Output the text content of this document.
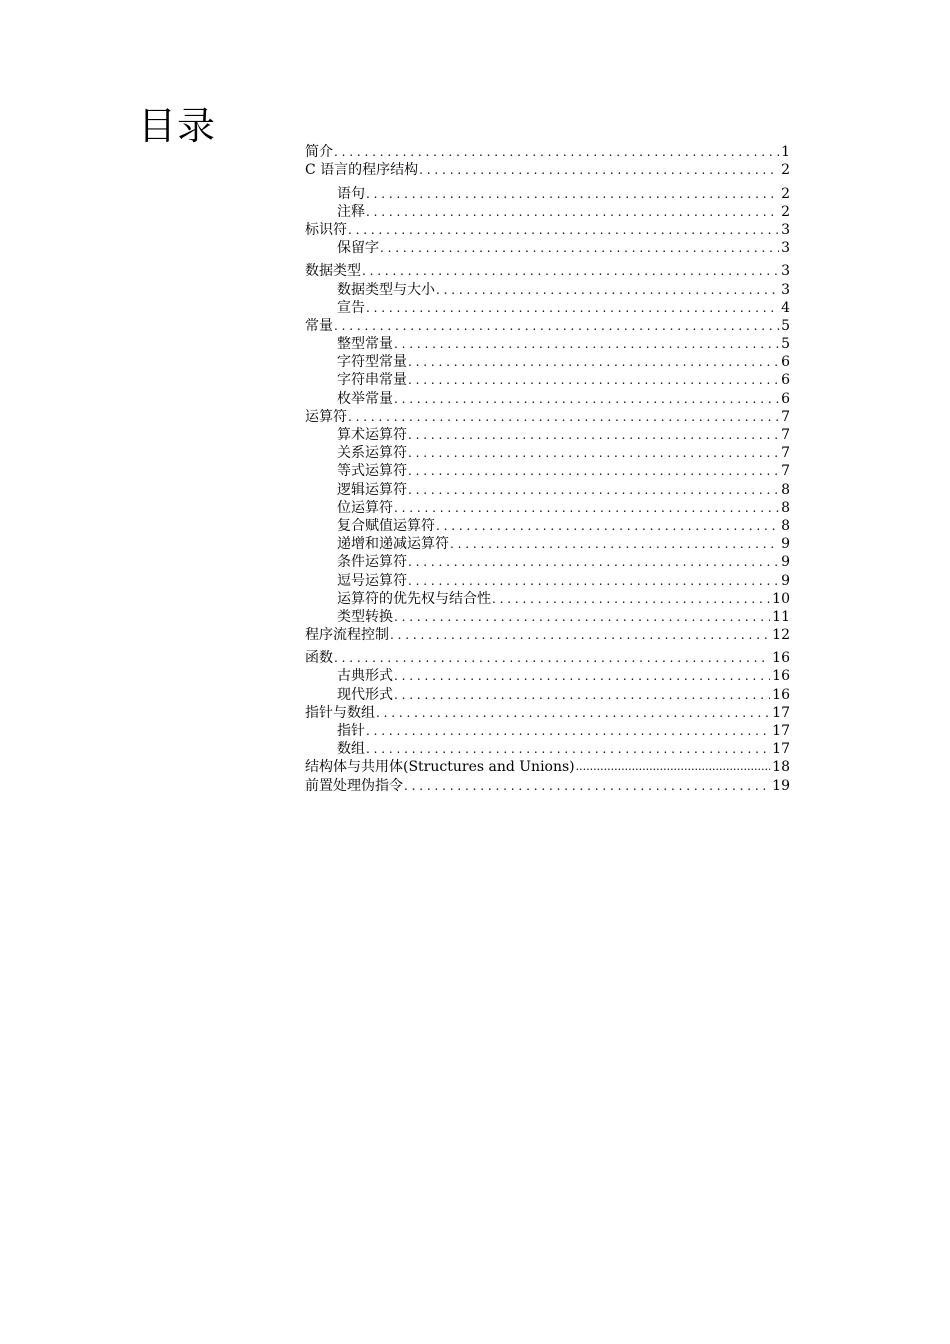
目录
简介 . . .	1
C 语言的程序结构 . . .	2
语句 . . .	2
注释 . . .	2
标识符 . . .	3
保留字 . . .	3
数据类型 . . .	3
数据类型与大小 . . .	3
宣告 . . .	4
常量 . . .	5
整型常量 . . .	5
字符型常量 . . .	6
字符串常量 . . .	6
枚举常量 . . .	6
运算符 . . .	7
算术运算符 . . .	7
关系运算符 . . .	7
等式运算符 . . .	7
逻辑运算符 . . .	8
位运算符 . . .	8
复合赋值运算符 . . .	8
递增和递减运算符 . . .	9
条件运算符 . . .	9
逗号运算符 . . .	9
运算符的优先权与结合性 . . .	10
类型转换 . . .	11
程序流程控制 . . .	12
函数 . . .	16
古典形式 . . .	16
现代形式 . . .	16
指针与数组 . . .	17
指针 . . .	17
数组 . . .	17
结构体与共用体(Structures and Unions) .....	18
前置处理伪指令 . . .	19
